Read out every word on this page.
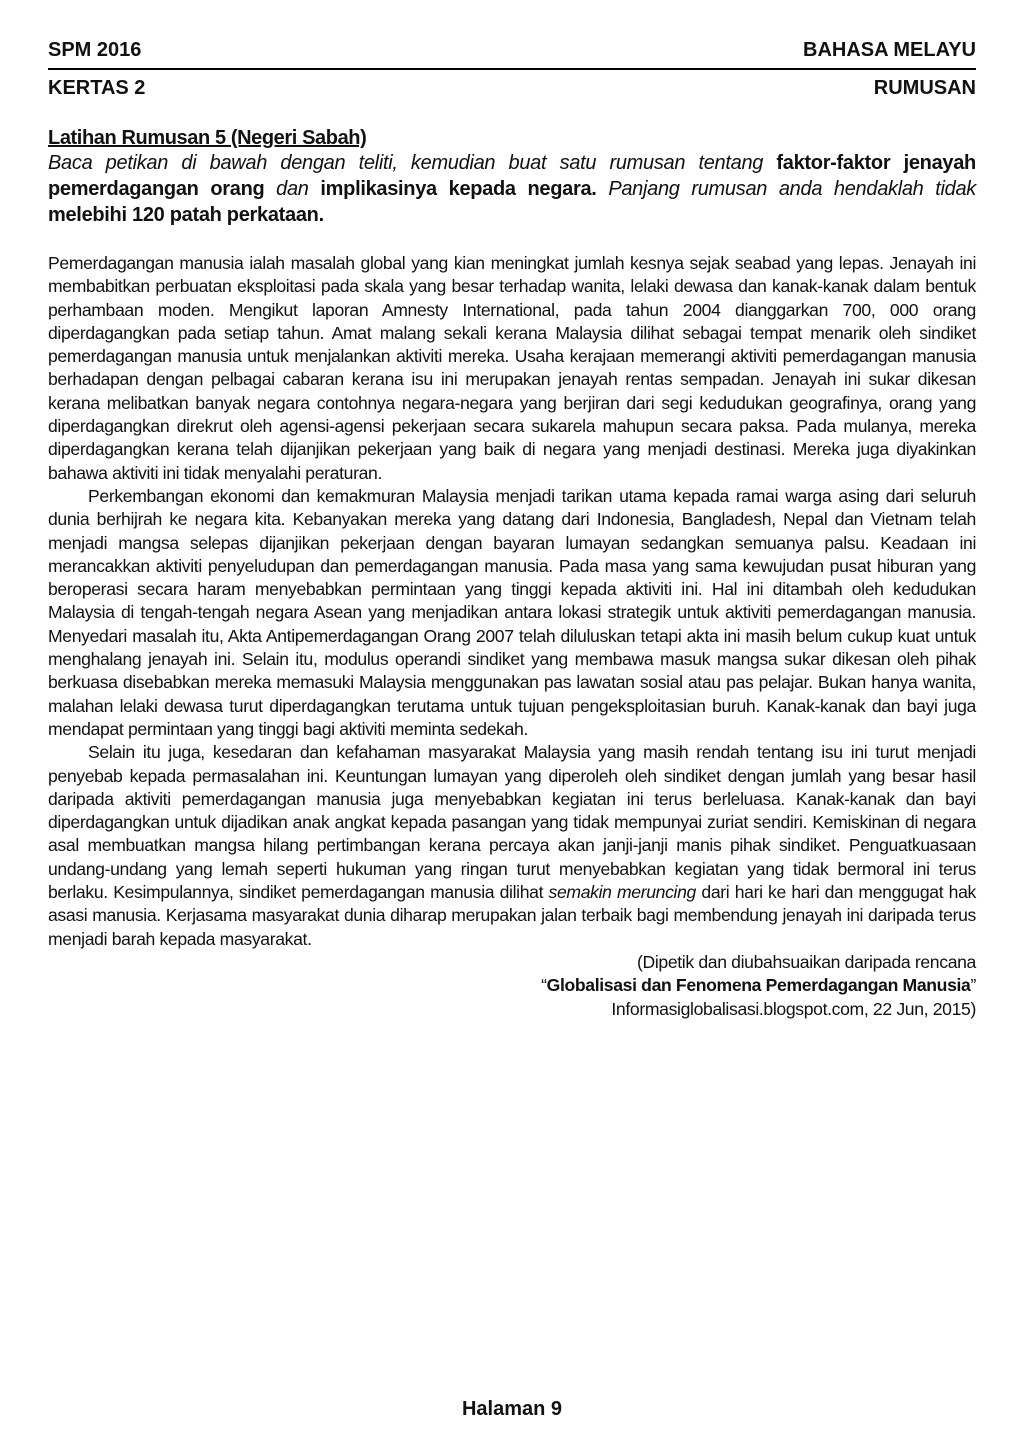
SPM 2016	BAHASA MELAYU
KERTAS 2	RUMUSAN
Latihan Rumusan 5 (Negeri Sabah)
Baca petikan di bawah dengan teliti, kemudian buat satu rumusan tentang faktor-faktor jenayah pemerdagangan orang dan implikasinya kepada negara. Panjang rumusan anda hendaklah tidak melebihi 120 patah perkataan.

Pemerdagangan manusia ialah masalah global yang kian meningkat jumlah kesnya sejak seabad yang lepas. Jenayah ini membabitkan perbuatan eksploitasi pada skala yang besar terhadap wanita, lelaki dewasa dan kanak-kanak dalam bentuk perhambaan moden. Mengikut laporan Amnesty International, pada tahun 2004 dianggarkan 700, 000 orang diperdagangkan pada setiap tahun. Amat malang sekali kerana Malaysia dilihat sebagai tempat menarik oleh sindiket pemerdagangan manusia untuk menjalankan aktiviti mereka. Usaha kerajaan memerangi aktiviti pemerdagangan manusia berhadapan dengan pelbagai cabaran kerana isu ini merupakan jenayah rentas sempadan. Jenayah ini sukar dikesan kerana melibatkan banyak negara contohnya negara-negara yang berjiran dari segi kedudukan geografinya, orang yang diperdagangkan direkrut oleh agensi-agensi pekerjaan secara sukarela mahupun secara paksa. Pada mulanya, mereka diperdagangkan kerana telah dijanjikan pekerjaan yang baik di negara yang menjadi destinasi. Mereka juga diyakinkan bahawa aktiviti ini tidak menyalahi peraturan.

Perkembangan ekonomi dan kemakmuran Malaysia menjadi tarikan utama kepada ramai warga asing dari seluruh dunia berhijrah ke negara kita. Kebanyakan mereka yang datang dari Indonesia, Bangladesh, Nepal dan Vietnam telah menjadi mangsa selepas dijanjikan pekerjaan dengan bayaran lumayan sedangkan semuanya palsu. Keadaan ini merancakkan aktiviti penyeludupan dan pemerdagangan manusia. Pada masa yang sama kewujudan pusat hiburan yang beroperasi secara haram menyebabkan permintaan yang tinggi kepada aktiviti ini. Hal ini ditambah oleh kedudukan Malaysia di tengah-tengah negara Asean yang menjadikan antara lokasi strategik untuk aktiviti pemerdagangan manusia. Menyedari masalah itu, Akta Antipemerdagangan Orang 2007 telah diluluskan tetapi akta ini masih belum cukup kuat untuk menghalang jenayah ini. Selain itu, modulus operandi sindiket yang membawa masuk mangsa sukar dikesan oleh pihak berkuasa disebabkan mereka memasuki Malaysia menggunakan pas lawatan sosial atau pas pelajar. Bukan hanya wanita, malahan lelaki dewasa turut diperdagangkan terutama untuk tujuan pengeksploitasian buruh. Kanak-kanak dan bayi juga mendapat permintaan yang tinggi bagi aktiviti meminta sedekah.

Selain itu juga, kesedaran dan kefahaman masyarakat Malaysia yang masih rendah tentang isu ini turut menjadi penyebab kepada permasalahan ini. Keuntungan lumayan yang diperoleh oleh sindiket dengan jumlah yang besar hasil daripada aktiviti pemerdagangan manusia juga menyebabkan kegiatan ini terus berleluasa. Kanak-kanak dan bayi diperdagangkan untuk dijadikan anak angkat kepada pasangan yang tidak mempunyai zuriat sendiri. Kemiskinan di negara asal membuatkan mangsa hilang pertimbangan kerana percaya akan janji-janji manis pihak sindiket. Penguatkuasaan undang-undang yang lemah seperti hukuman yang ringan turut menyebabkan kegiatan yang tidak bermoral ini terus berlaku. Kesimpulannya, sindiket pemerdagangan manusia dilihat semakin meruncing dari hari ke hari dan menggugat hak asasi manusia. Kerjasama masyarakat dunia diharap merupakan jalan terbaik bagi membendung jenayah ini daripada terus menjadi barah kepada masyarakat.

(Dipetik dan diubahsuaikan daripada rencana
“Globalisasi dan Fenomena Pemerdagangan Manusia”
Informasiglobalisasi.blogspot.com, 22 Jun, 2015)
Halaman 9
